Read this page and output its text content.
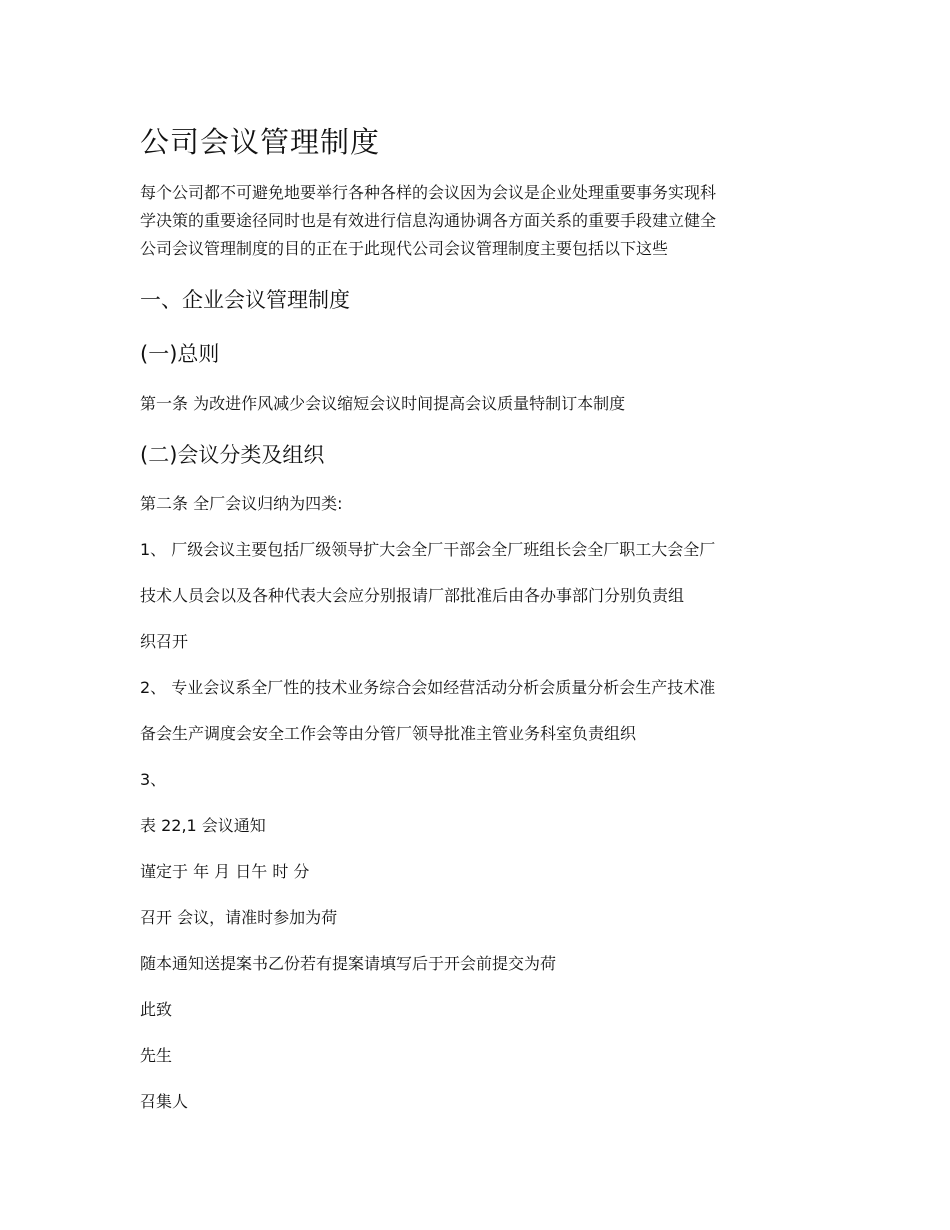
公司会议管理制度
每个公司都不可避免地要举行各种各样的会议因为会议是企业处理重要事务实现科
学决策的重要途径同时也是有效进行信息沟通协调各方面关系的重要手段建立健全
公司会议管理制度的目的正在于此现代公司会议管理制度主要包括以下这些
一、企业会议管理制度
(一)总则
第一条 为改进作风减少会议缩短会议时间提高会议质量特制订本制度
(二)会议分类及组织
第二条 全厂会议归纳为四类:
1、 厂级会议主要包括厂级领导扩大会全厂干部会全厂班组长会全厂职工大会全厂
技术人员会以及各种代表大会应分别报请厂部批准后由各办事部门分别负责组
织召开
2、 专业会议系全厂性的技术业务综合会如经营活动分析会质量分析会生产技术准
备会生产调度会安全工作会等由分管厂领导批准主管业务科室负责组织
3、
表 22,1 会议通知
谨定于 年 月 日午 时 分
召开 会议，请准时参加为荷
随本通知送提案书乙份若有提案请填写后于开会前提交为荷
此致
先生
召集人
